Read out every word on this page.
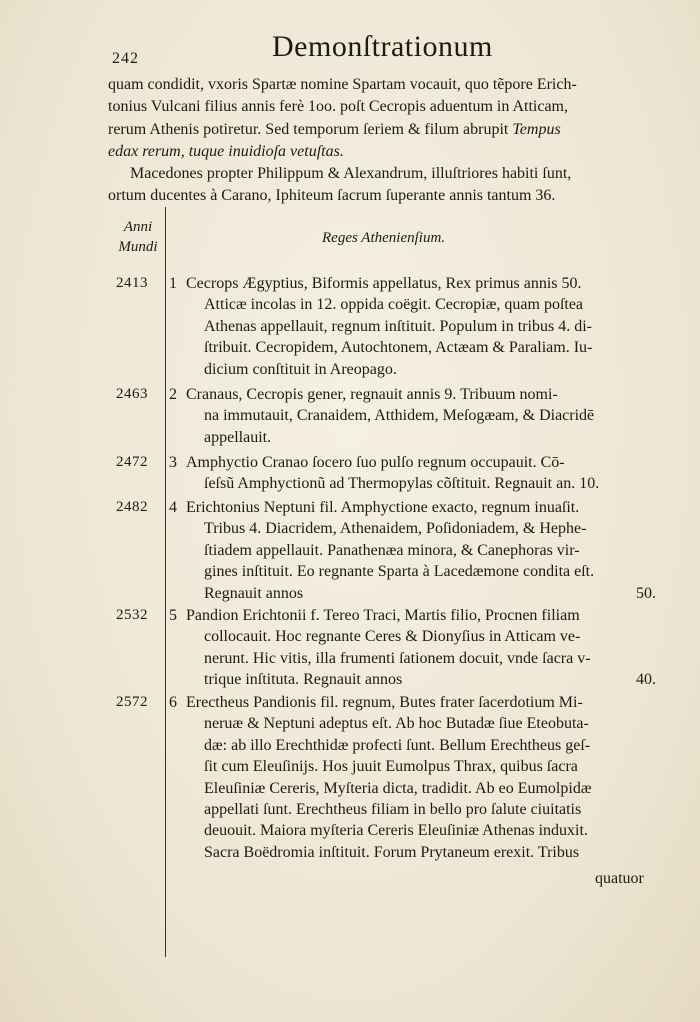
242	Demonſtrationum

quam condidit, vxoris Spartæ nomine Spartam vocauit, quo tẽpore Erich-
tonius Vulcani filius annis ferè 1oo. poſt Cecropis aduentum in Atticam,
rerum Athenis potiretur. Sed temporum ſeriem & filum abrupit Tempus
edax rerum, tuque inuidioſa vetuſtas.

Macedones propter Philippum & Alexandrum, illuſtriores habiti ſunt,
ortum ducentes à Carano, Iphiteum ſacrum ſuperante annis tantum 36.

Anni
Mundi
Reges Athenienſium.
2413	1 Cecrops Ægyptius, Biformis appellatus, Rex primus annis 50.
Atticæ incolas in 12. oppida coëgit. Cecropiæ, quam poſtea
Athenas appellauit, regnum inſtituit. Populum in tribus 4. di-
ſtribuit. Cecropidem, Autochtonem, Actæam & Paraliam. Iu-
dicium conſtituit in Areopago.
2463	2 Cranaus, Cecropis gener, regnauit annis 9. Tribuum nomi-
na immutauit, Cranaidem, Atthidem, Meſogæam, & Diacridē
appellauit.
2472	3 Amphyctio Cranao ſocero ſuo pulſo regnum occupauit. Cō-
ſeſsũ Amphyctionũ ad Thermopylas cõſtituit. Regnauit an. 10.
2482	4 Erichtonius Neptuni fil. Amphyctione exacto, regnum inuaſit.
Tribus 4. Diacridem, Athenaidem, Poſidoniadem, & Hephe-
ſtiadem appellauit. Panathenæa minora, & Canephoras vir-
gines inſtituit. Eo regnante Sparta à Lacedæmone condita eſt.
Regnauit annos	50.
2532	5 Pandion Erichtonii f. Tereo Traci, Martis filio, Procnen filiam
collocauit. Hoc regnante Ceres & Dionyſius in Atticam ve-
nerunt. Hic vitis, illa frumenti ſationem docuit, vnde ſacra v-
trique inſtituta. Regnauit annos	40.
2572	6 Erectheus Pandionis fil. regnum, Butes frater ſacerdotium Mi-
neruæ & Neptuni adeptus eſt. Ab hoc Butadæ ſiue Eteobuta-
dæ: ab illo Erechthidæ profecti ſunt. Bellum Erechtheus geſ-
ſit cum Eleuſinijs. Hos juuit Eumolpus Thrax, quibus ſacra
Eleuſiniæ Cereris, Myſteria dicta, tradidit. Ab eo Eumolpidæ
appellati ſunt. Erechtheus filiam in bello pro ſalute ciuitatis
deuouit. Maiora myſteria Cereris Eleuſiniæ Athenas induxit.
Sacra Boëdromia inſtituit. Forum Prytaneum erexit. Tribus
quatuor
